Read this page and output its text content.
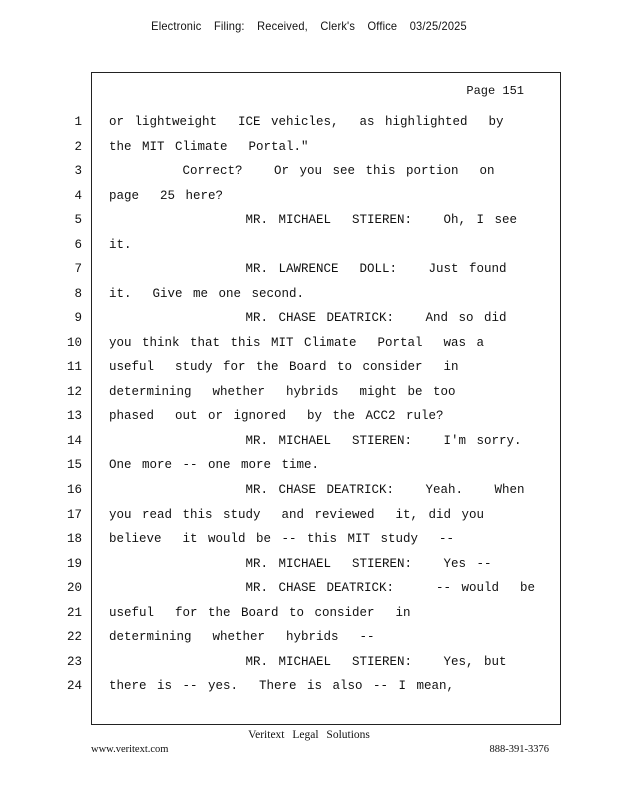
Electronic Filing: Received, Clerk's Office 03/25/2025
Page 151
1
2
3
4
5
6
7
8
9
10
11
12
13
14
15
16
17
18
19
20
21
22
23
24
or lightweight  ICE vehicles,  as highlighted  by
the MIT Climate  Portal."
Correct?   Or you see this portion  on
page  25 here?
MR. MICHAEL  STIEREN:   Oh, I see
it.
MR. LAWRENCE  DOLL:   Just found
it.  Give me one second.
MR. CHASE DEATRICK:   And so did
you think that this MIT Climate  Portal  was a
useful  study for the Board to consider  in
determining  whether  hybrids  might be too
phased  out or ignored  by the ACC2 rule?
MR. MICHAEL  STIEREN:   I'm sorry.
One more -- one more time.
MR. CHASE DEATRICK:   Yeah.   When
you read this study  and reviewed  it, did you
believe  it would be -- this MIT study  --
MR. MICHAEL  STIEREN:   Yes --
MR. CHASE DEATRICK:    -- would  be
useful  for the Board to consider  in
determining  whether  hybrids  --
MR. MICHAEL  STIEREN:   Yes, but
there is -- yes.  There is also -- I mean,
Veritext Legal Solutions
www.veritext.com	888-391-3376
